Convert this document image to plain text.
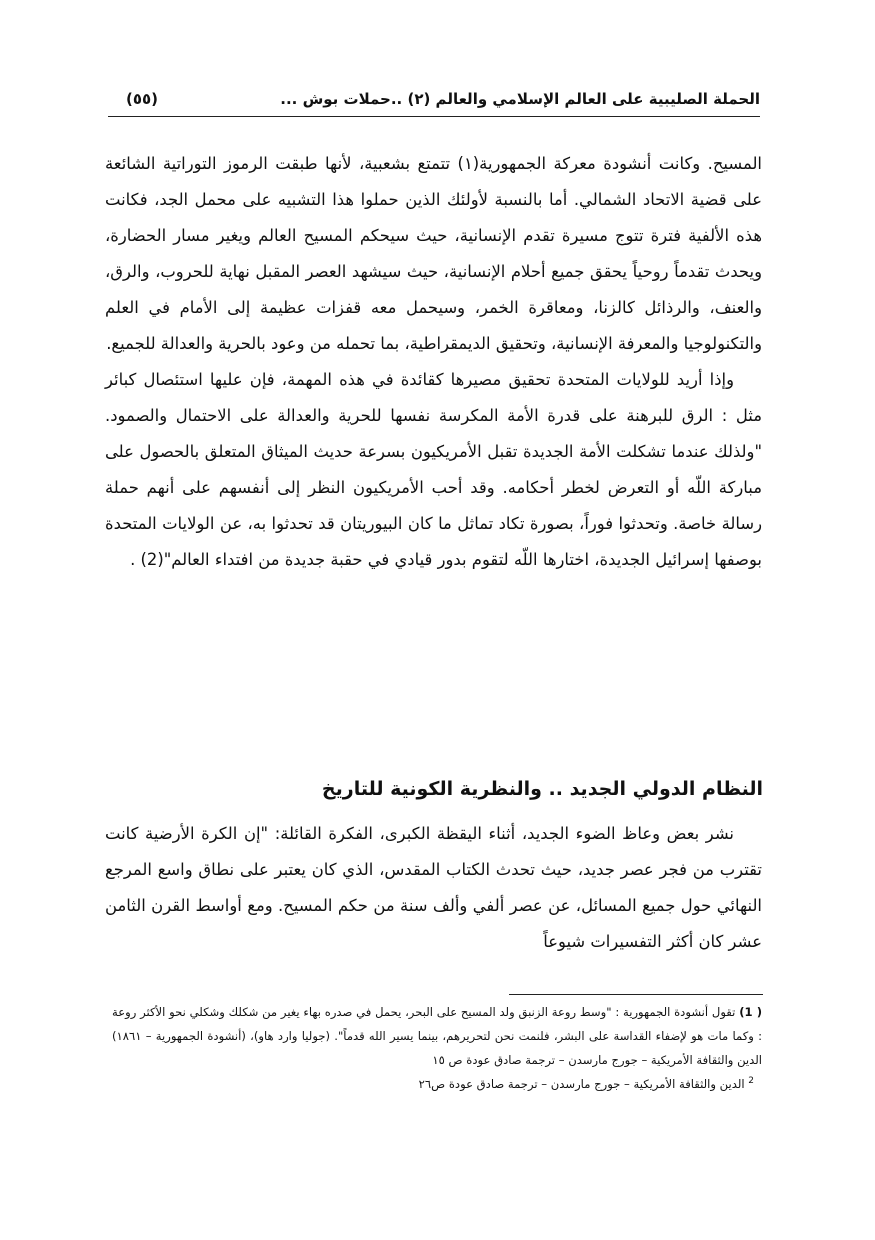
الحملة الصليبية على العالم الإسلامي والعالم (٢) ..حملات بوش ...
(٥٥)

المسيح. وكانت أنشودة معركة الجمهورية(١) تتمتع بشعبية، لأنها طبقت الرموز التوراتية الشائعة على قضية الاتحاد الشمالي. أما بالنسبة لأولئك الذين حملوا هذا التشبيه على محمل الجد، فكانت هذه الألفية فترة تتوج مسيرة تقدم الإنسانية، حيث سيحكم المسيح العالم ويغير مسار الحضارة، ويحدث تقدماً روحياً يحقق جميع أحلام الإنسانية، حيث سيشهد العصر المقبل نهاية للحروب، والرق، والعنف، والرذائل كالزنا، ومعاقرة الخمر، وسيحمل معه قفزات عظيمة إلى الأمام في العلم والتكنولوجيا والمعرفة الإنسانية، وتحقيق الديمقراطية، بما تحمله من وعود بالحرية والعدالة للجميع.

وإذا أريد للولايات المتحدة تحقيق مصيرها كقائدة في هذه المهمة، فإن عليها استئصال كبائر مثل : الرق للبرهنة على قدرة الأمة المكرسة نفسها للحرية والعدالة على الاحتمال والصمود. "ولذلك عندما تشكلت الأمة الجديدة تقبل الأمريكيون بسرعة حديث الميثاق المتعلق بالحصول على مباركة اللّه أو التعرض لخطر أحكامه. وقد أحب الأمريكيون النظر إلى أنفسهم على أنهم حملة رسالة خاصة. وتحدثوا فوراً، بصورة تكاد تماثل ما كان البيوريتان قد تحدثوا به، عن الولايات المتحدة بوصفها إسرائيل الجديدة، اختارها اللّه لتقوم بدور قيادي في حقبة جديدة من افتداء العالم"(2) .

النظام الدولي الجديد .. والنظرية الكونية للتاريخ

نشر بعض وعاظ الضوء الجديد، أثناء اليقظة الكبرى، الفكرة القائلة: "إن الكرة الأرضية كانت تقترب من فجر عصر جديد، حيث تحدث الكتاب المقدس، الذي كان يعتبر على نطاق واسع المرجع النهائي حول جميع المسائل، عن عصر ألفي وألف سنة من حكم المسيح. ومع أواسط القرن الثامن عشر كان أكثر التفسيرات شيوعاً

( 1) تقول أنشودة الجمهورية : "وسط روعة الزنبق ولد المسيح على البحر، يحمل في صدره بهاء يغير من شكلك وشكلي نحو الأكثر روعة : وكما مات هو لإضفاء القداسة على البشر، فلنمت نحن لتحريرهم، بينما يسير الله قدماً". (جوليا وارد هاو)، (أنشودة الجمهورية – ١٨٦١) الدين والثقافة الأمريكية – جورج مارسدن – ترجمة صادق عودة ص ١٥

$^2$ الدين والثقافة الأمريكية – جورج مارسدن – ترجمة صادق عودة ص٢٦
